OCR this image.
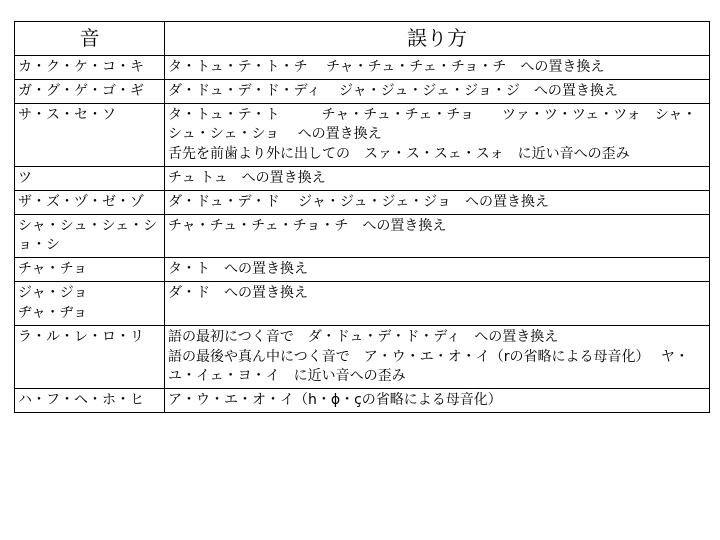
音	誤り方

カ・ク・ケ・コ・キ	タ・トュ・テ・ト・チ　 チャ・チュ・チェ・チョ・チ　への置き換え

ガ・グ・ゲ・ゴ・ギ	ダ・ドュ・デ・ド・ディ　 ジャ・ジュ・ジェ・ジョ・ジ　への置き換え

サ・ス・セ・ソ	タ・トュ・テ・ト　　　チャ・チュ・チェ・チョ　　ツァ・ツ・ツェ・ツォ　シャ・シュ・シェ・ショ　 への置き換え
舌先を前歯より外に出しての　スァ・ス・スェ・スォ　に近い音への歪み

ツ	チュ トュ　への置き換え

ザ・ズ・ヅ・ゼ・ゾ	ダ・ドュ・デ・ド　 ジャ・ジュ・ジェ・ジョ　への置き換え

シャ・シュ・シェ・ショ・シ	チャ・チュ・チェ・チョ・チ　への置き換え

チャ・チョ	タ・ト　への置き換え

ジャ・ジョ
ヂャ・ヂョ	ダ・ド　への置き換え

ラ・ル・レ・ロ・リ	語の最初につく音で　ダ・ドュ・デ・ド・ディ　への置き換え
語の最後や真ん中につく音で　ア・ウ・エ・オ・イ（rの省略による母音化）　 ヤ・ユ・イェ・ヨ・イ　に近い音への歪み

ハ・フ・ヘ・ホ・ヒ	ア・ウ・エ・オ・イ（h・ϕ・çの省略による母音化）
